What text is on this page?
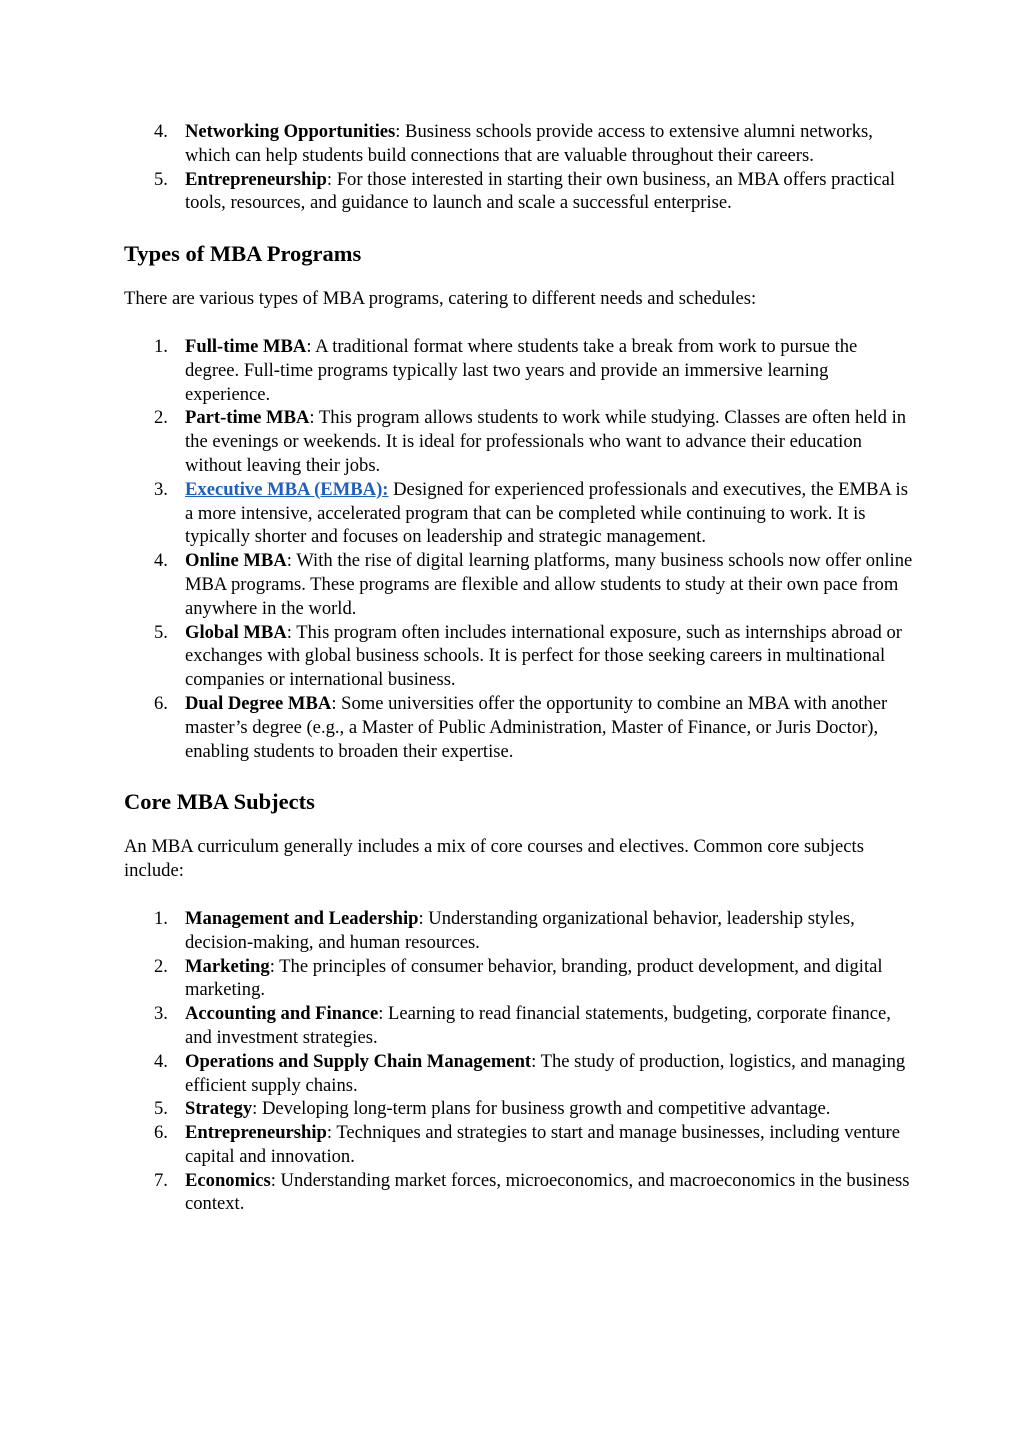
4. Networking Opportunities: Business schools provide access to extensive alumni networks, which can help students build connections that are valuable throughout their careers.
5. Entrepreneurship: For those interested in starting their own business, an MBA offers practical tools, resources, and guidance to launch and scale a successful enterprise.
Types of MBA Programs

There are various types of MBA programs, catering to different needs and schedules:

1. Full-time MBA: A traditional format where students take a break from work to pursue the degree. Full-time programs typically last two years and provide an immersive learning experience.
2. Part-time MBA: This program allows students to work while studying. Classes are often held in the evenings or weekends. It is ideal for professionals who want to advance their education without leaving their jobs.
3. Executive MBA (EMBA): Designed for experienced professionals and executives, the EMBA is a more intensive, accelerated program that can be completed while continuing to work. It is typically shorter and focuses on leadership and strategic management.
4. Online MBA: With the rise of digital learning platforms, many business schools now offer online MBA programs. These programs are flexible and allow students to study at their own pace from anywhere in the world.
5. Global MBA: This program often includes international exposure, such as internships abroad or exchanges with global business schools. It is perfect for those seeking careers in multinational companies or international business.
6. Dual Degree MBA: Some universities offer the opportunity to combine an MBA with another master’s degree (e.g., a Master of Public Administration, Master of Finance, or Juris Doctor), enabling students to broaden their expertise.
Core MBA Subjects

An MBA curriculum generally includes a mix of core courses and electives. Common core subjects include:

1. Management and Leadership: Understanding organizational behavior, leadership styles, decision-making, and human resources.
2. Marketing: The principles of consumer behavior, branding, product development, and digital marketing.
3. Accounting and Finance: Learning to read financial statements, budgeting, corporate finance, and investment strategies.
4. Operations and Supply Chain Management: The study of production, logistics, and managing efficient supply chains.
5. Strategy: Developing long-term plans for business growth and competitive advantage.
6. Entrepreneurship: Techniques and strategies to start and manage businesses, including venture capital and innovation.
7. Economics: Understanding market forces, microeconomics, and macroeconomics in the business context.
